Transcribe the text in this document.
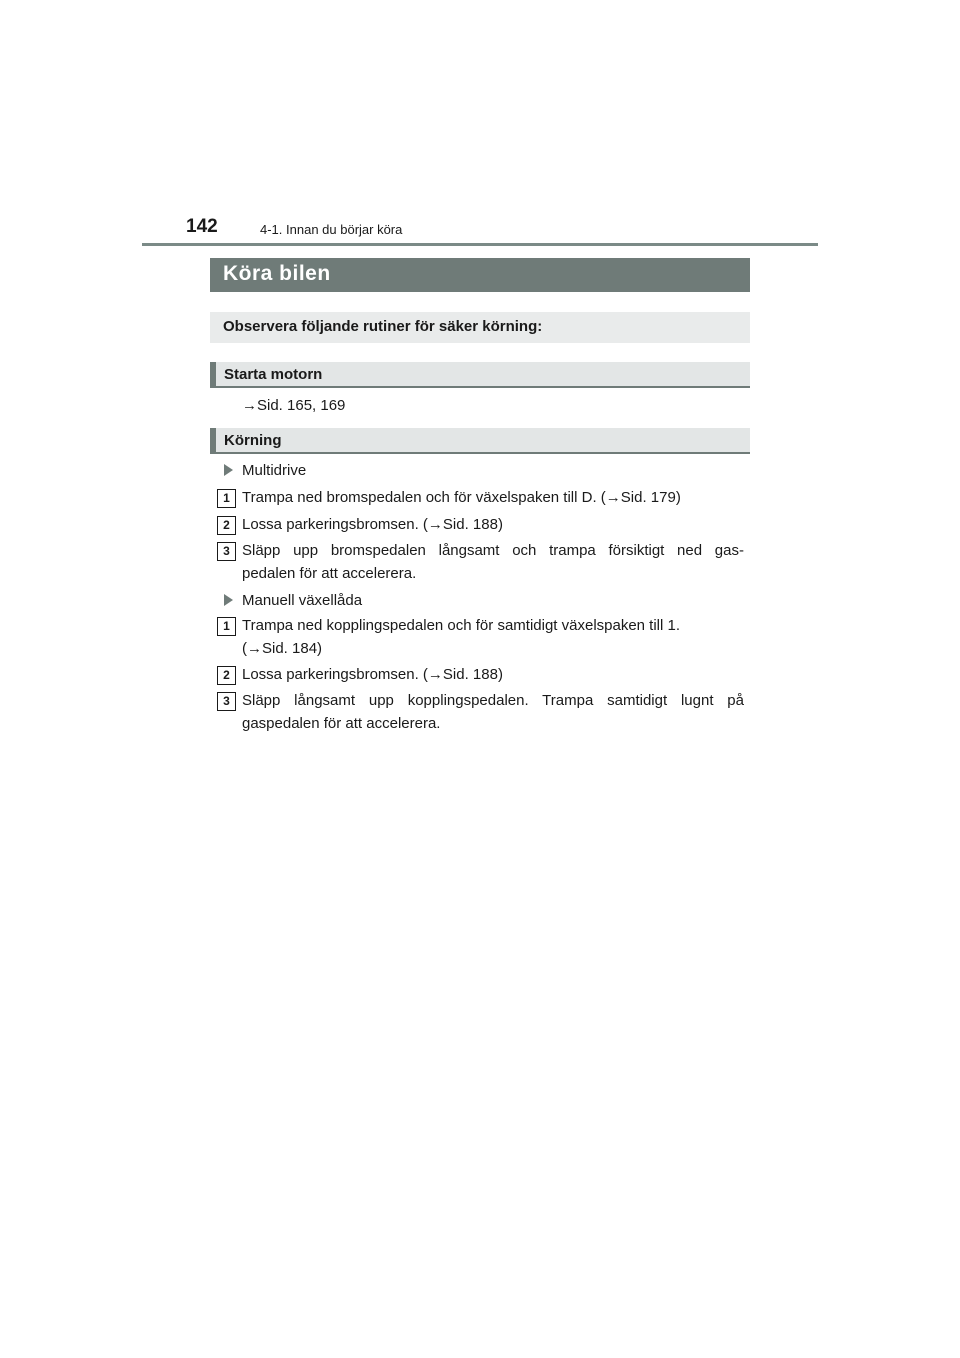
142	4-1. Innan du börjar köra
Köra bilen
Observera följande rutiner för säker körning:
Starta motorn
→Sid. 165, 169
Körning
Multidrive
1 Trampa ned bromspedalen och för växelspaken till D. (→Sid. 179)
2 Lossa parkeringsbromsen. (→Sid. 188)
3 Släpp upp bromspedalen långsamt och trampa försiktigt ned gas-
pedalen för att accelerera.
Manuell växellåda
1 Trampa ned kopplingspedalen och för samtidigt växelspaken till 1.
(→Sid. 184)
2 Lossa parkeringsbromsen. (→Sid. 188)
3 Släpp långsamt upp kopplingspedalen. Trampa samtidigt lugnt på
gaspedalen för att accelerera.
